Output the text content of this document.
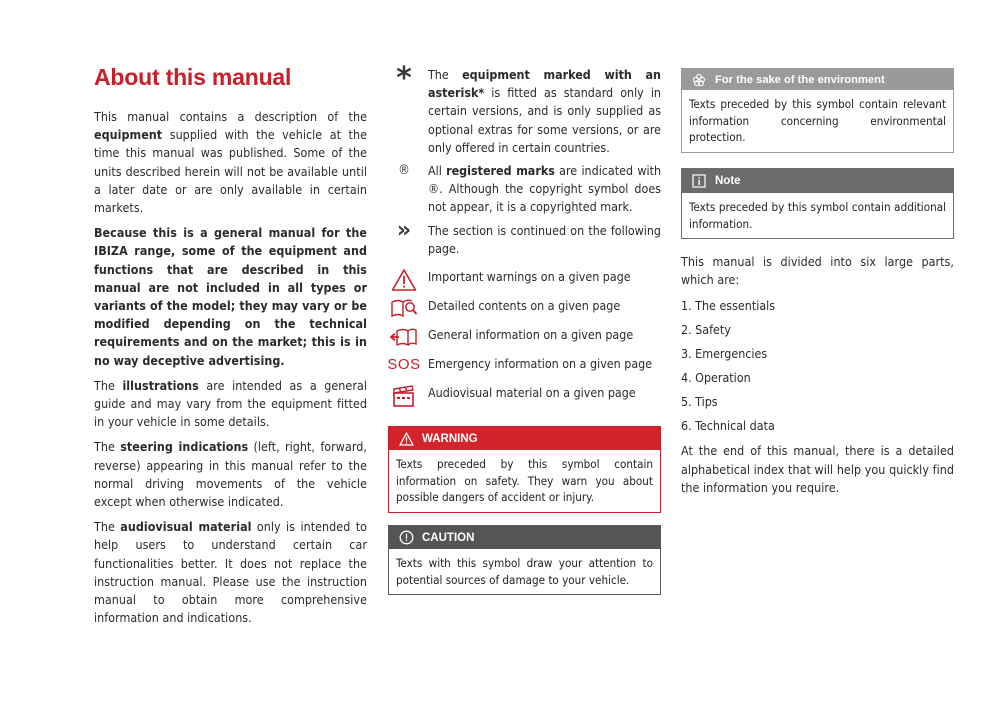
About this manual

This manual contains a description of the equipment supplied with the vehicle at the time this manual was published. Some of the units described herein will not be available until a later date or are only available in certain markets.

Because this is a general manual for the IBIZA range, some of the equipment and functions that are described in this manual are not included in all types or variants of the model; they may vary or be modified depending on the technical requirements and on the market; this is in no way deceptive advertising.

The illustrations are intended as a general guide and may vary from the equipment fitted in your vehicle in some details.

The steering indications (left, right, forward, reverse) appearing in this manual refer to the normal driving movements of the vehicle except when otherwise indicated.

The audiovisual material only is intended to help users to understand certain car functionalities better. It does not replace the instruction manual. Please use the instruction manual to obtain more comprehensive information and indications.

* The equipment marked with an asterisk* is fitted as standard only in certain versions, and is only supplied as optional extras for some versions, or are only offered in certain countries.
® All registered marks are indicated with ®. Although the copyright symbol does not appear, it is a copyrighted mark.
» The section is continued on the following page.
Important warnings on a given page
Detailed contents on a given page
General information on a given page
SOS Emergency information on a given page
Audiovisual material on a given page
WARNING
Texts preceded by this symbol contain information on safety. They warn you about possible dangers of accident or injury.
CAUTION
Texts with this symbol draw your attention to potential sources of damage to your vehicle.
For the sake of the environment
Texts preceded by this symbol contain relevant information concerning environmental protection.
Note
Texts preceded by this symbol contain additional information.

This manual is divided into six large parts, which are:

1. The essentials
2. Safety
3. Emergencies
4. Operation
5. Tips
6. Technical data

At the end of this manual, there is a detailed alphabetical index that will help you quickly find the information you require.
